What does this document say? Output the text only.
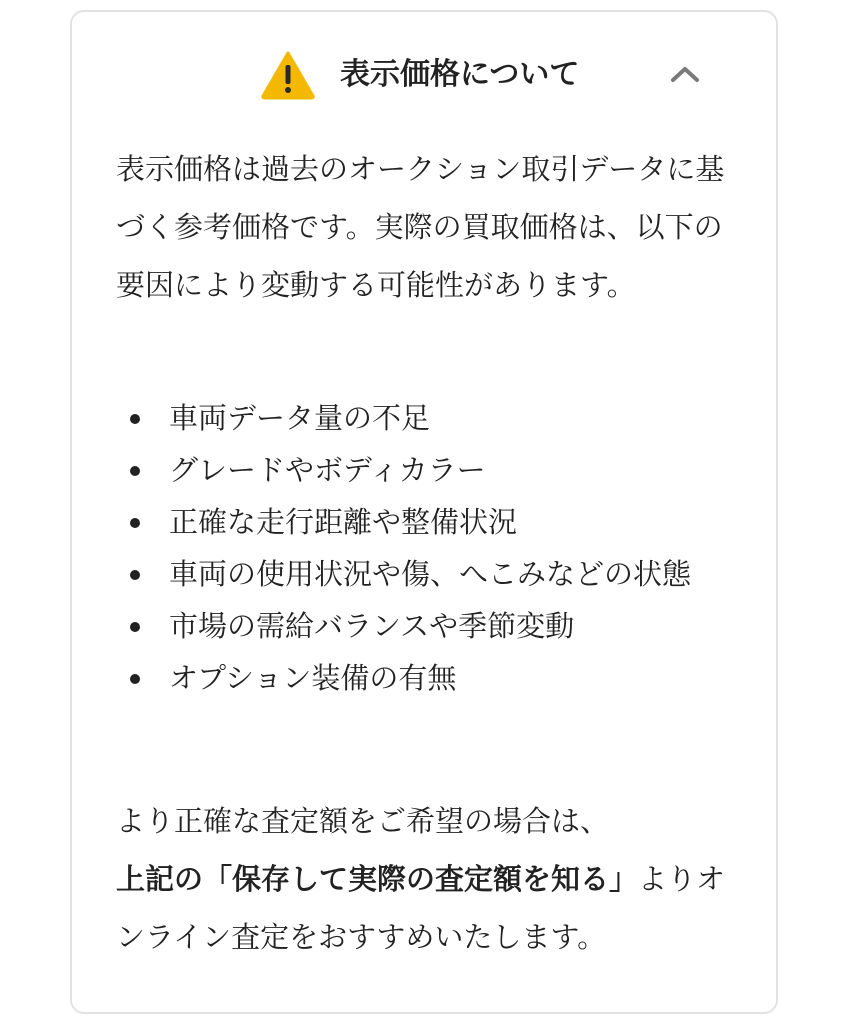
表示価格について

表示価格は過去のオークション取引データに基づく参考価格です。実際の買取価格は、以下の要因により変動する可能性があります。

車両データ量の不足
グレードやボディカラー
正確な走行距離や整備状況
車両の使用状況や傷、へこみなどの状態
市場の需給バランスや季節変動
オプション装備の有無

より正確な査定額をご希望の場合は、
上記の「保存して実際の査定額を知る」よりオンライン査定をおすすめいたします。
